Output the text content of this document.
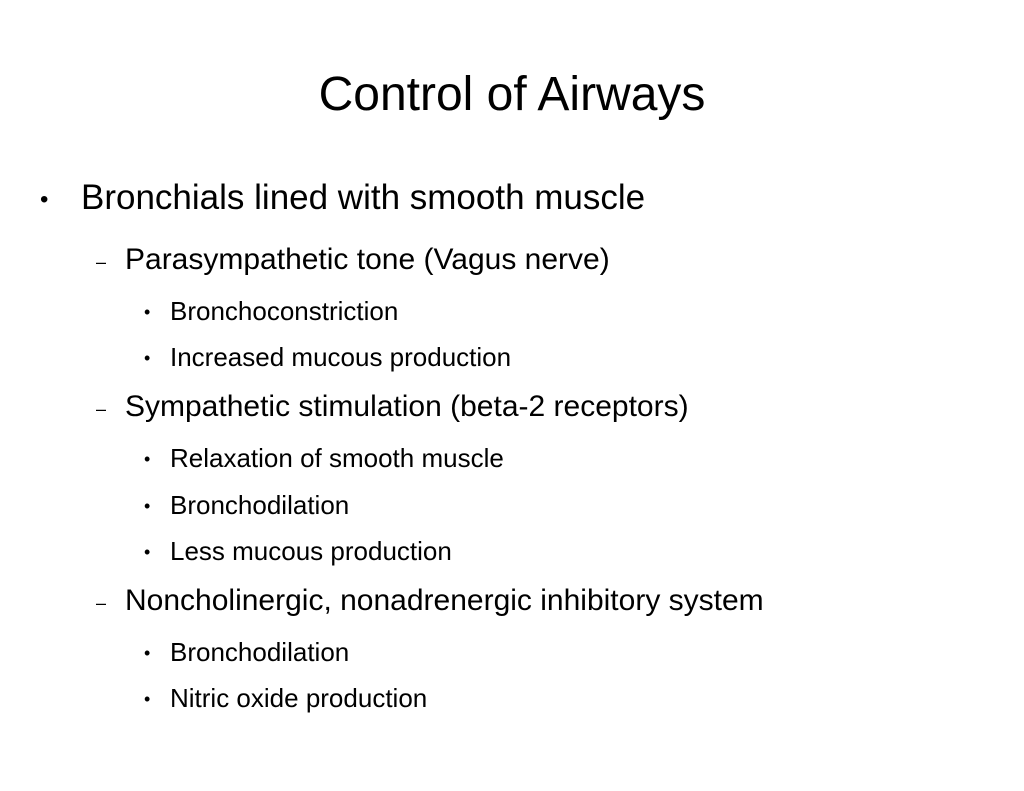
Control of Airways
• Bronchials lined with smooth muscle
– Parasympathetic tone (Vagus nerve)
• Bronchoconstriction
• Increased mucous production
– Sympathetic stimulation (beta-2 receptors)
• Relaxation of smooth muscle
• Bronchodilation
• Less mucous production
– Noncholinergic, nonadrenergic inhibitory system
• Bronchodilation
• Nitric oxide production
